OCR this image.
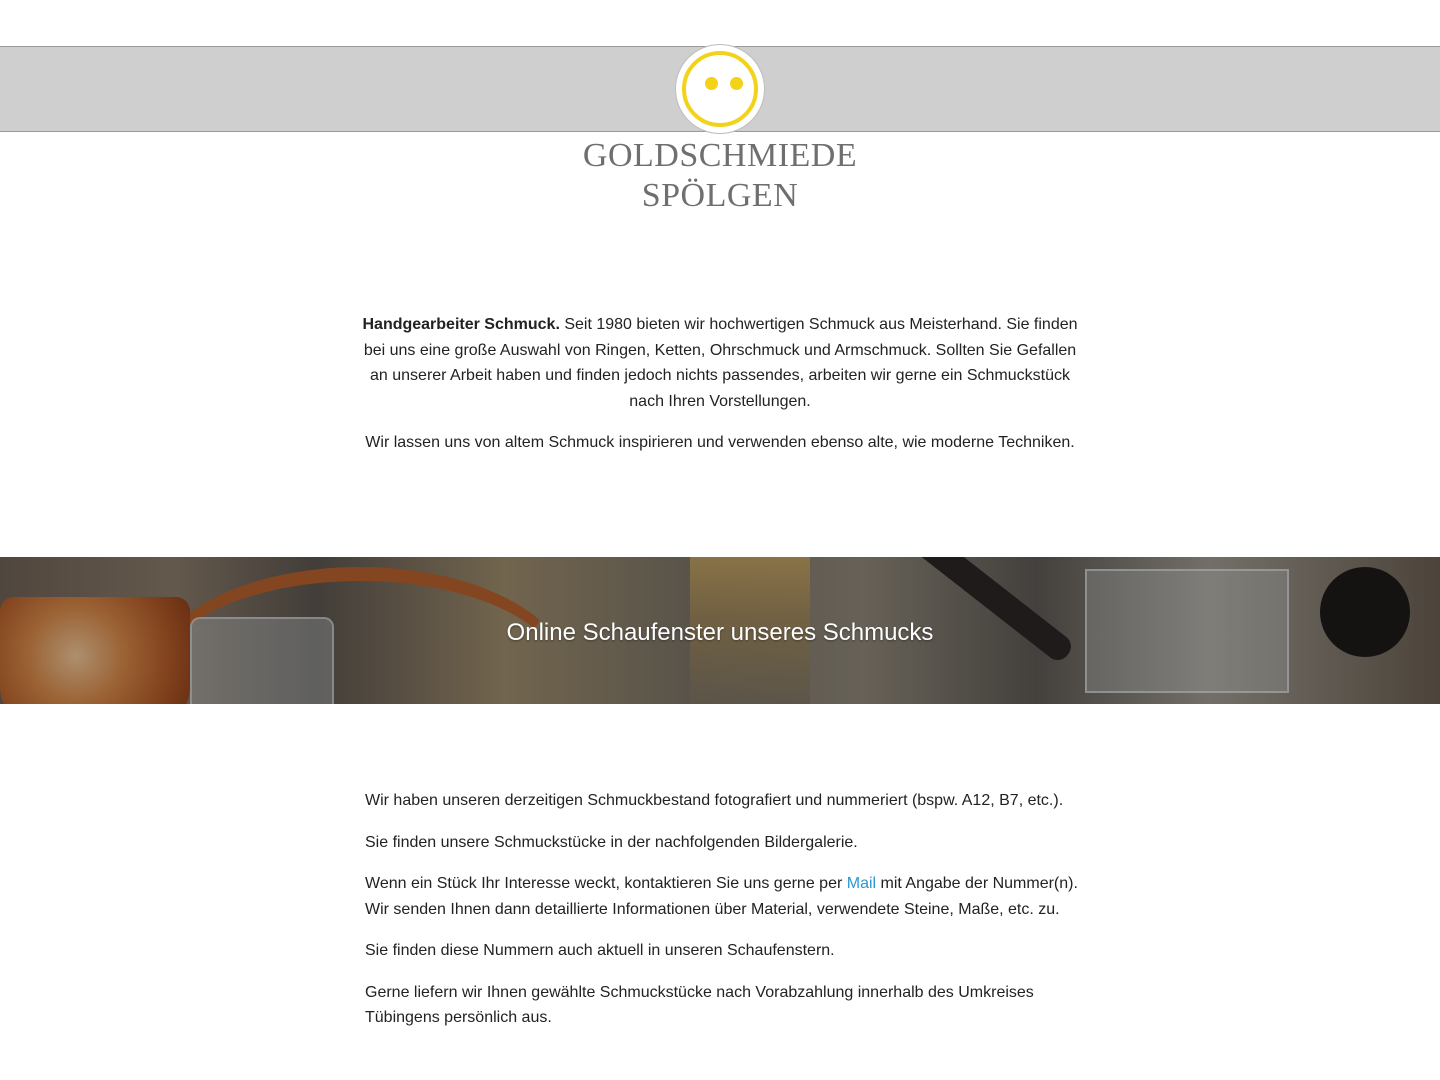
GOLDSCHMIEDE
SPÖLGEN

Handgearbeiter Schmuck. Seit 1980 bieten wir hochwertigen Schmuck aus Meisterhand. Sie finden bei uns eine große Auswahl von Ringen, Ketten, Ohrschmuck und Armschmuck. Sollten Sie Gefallen an unserer Arbeit haben und finden jedoch nichts passendes, arbeiten wir gerne ein Schmuckstück nach Ihren Vorstellungen.

Wir lassen uns von altem Schmuck inspirieren und verwenden ebenso alte, wie moderne Techniken.

Online Schaufenster unseres Schmucks

Wir haben unseren derzeitigen Schmuckbestand fotografiert und nummeriert (bspw. A12, B7, etc.).

Sie finden unsere Schmuckstücke in der nachfolgenden Bildergalerie.

Wenn ein Stück Ihr Interesse weckt, kontaktieren Sie uns gerne per Mail mit Angabe der Nummer(n). Wir senden Ihnen dann detaillierte Informationen über Material, verwendete Steine, Maße, etc. zu.

Sie finden diese Nummern auch aktuell in unseren Schaufenstern.

Gerne liefern wir Ihnen gewählte Schmuckstücke nach Vorabzahlung innerhalb des Umkreises Tübingens persönlich aus.
